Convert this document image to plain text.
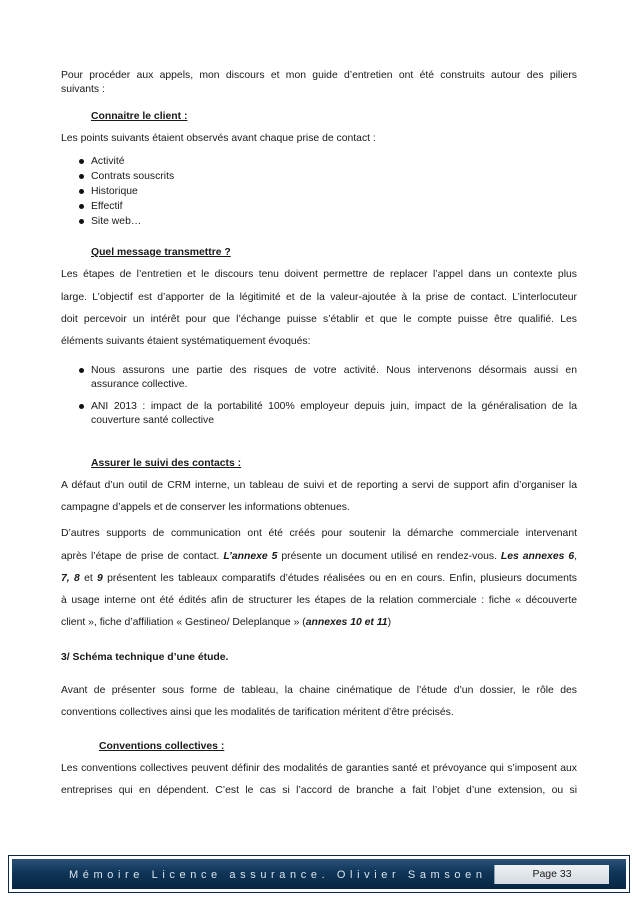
Pour procéder aux appels, mon discours et mon guide d’entretien ont été construits autour des piliers
suivants :
Connaitre le client :
Les points suivants étaient observés avant chaque prise de contact :
Activité
Contrats souscrits
Historique
Effectif
Site web…
Quel message transmettre ?
Les étapes de l’entretien et le discours tenu doivent permettre de replacer l’appel dans un contexte plus
large. L’objectif est d’apporter de la légitimité et de la valeur-ajoutée à la prise de contact. L’interlocuteur
doit percevoir un intérêt pour que l’échange puisse s’établir et que le compte puisse être qualifié. Les
éléments suivants étaient systématiquement évoqués:
Nous assurons une partie des risques de votre activité. Nous intervenons désormais aussi en
assurance collective.
ANI 2013 : impact de la portabilité 100% employeur depuis juin, impact de la généralisation de la
couverture santé collective
Assurer le suivi des contacts :
A défaut d’un outil de CRM interne, un tableau de suivi et de reporting a servi de support afin d’organiser la
campagne d’appels et de conserver les informations obtenues.
D’autres supports de communication ont été créés pour soutenir la démarche commerciale intervenant
après l’étape de prise de contact. L’annexe 5 présente un document utilisé en rendez-vous. Les annexes 6,
7, 8 et 9 présentent les tableaux comparatifs d’études réalisées ou en en cours. Enfin, plusieurs documents
à usage interne ont été édités afin de structurer les étapes de la relation commerciale : fiche « découverte
client », fiche d’affiliation « Gestineo/ Deleplanque » (annexes 10 et 11)
3/ Schéma technique d’une étude.
Avant de présenter sous forme de tableau, la chaine cinématique de l’étude d’un dossier, le rôle des
conventions collectives ainsi que les modalités de tarification méritent d’être précisés.
Conventions collectives :
Les conventions collectives peuvent définir des modalités de garanties santé et prévoyance qui s’imposent aux
entreprises qui en dépendent. C’est le cas si l’accord de branche a fait l’objet d’une extension, ou si
Mémoire Licence assurance. Olivier Samsoen	Page 33
